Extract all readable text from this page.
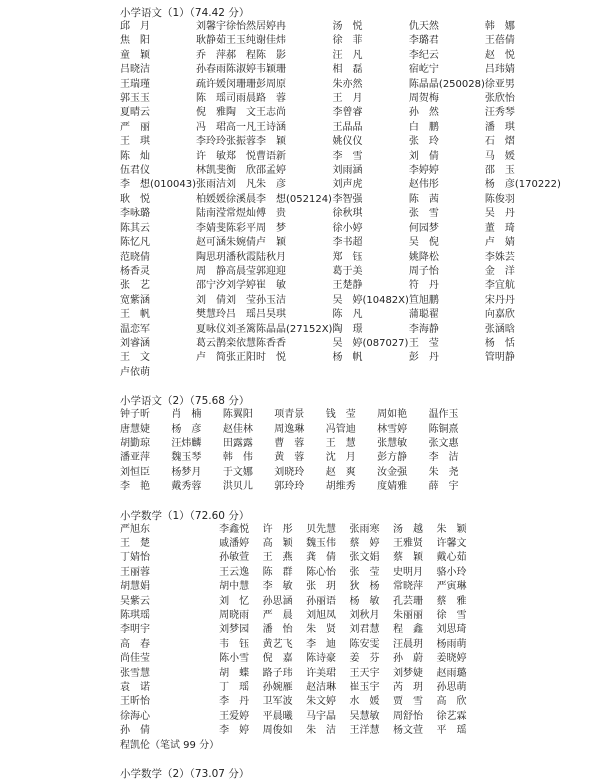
小学语文（1）（74.42 分）
邱　月	刘馨宇 徐怡然 居婷冉	汤　悦	仇天然	韩　娜
焦　阳	耿静茹 王玉纯 谢佳炜	徐　菲	李璐君	王蓓倩
童　颖	乔　萍 郝　程 陈　影	汪　凡	李纪云	赵　悦
吕晓洁	孙春雨 陈淑婷 韦颖珊	相　磊	宿屹宁	吕玮婧
王瑞瑾	疏许媛 闵珊珊 彭周原	朱亦然	陈晶晶(250028) 徐亚男
郭玉玉	陈　瑶 司雨晨 路　蓉	王　月	周贺梅	张欣怡
夏晴云	倪　雅 陶　文 王志尚	李曾睿	孙　然	汪秀琴
严　丽	冯　珺 高一凡 王诗涵	王晶晶	白　鹏	潘　琪
王　琪	李玲玲 张振蓉 李　颖	姚仪仪	张　玲	石　熠
陈　灿	许　敏 郑　悦 曹语新	李　雪	刘　倩	马　媛
伍君仪	林凯斐 衡　欣 邵孟婷	刘雨涵	李婷婷	邵　玉
李　想(010043) 张雨洁 刘　凡 朱　彦	刘声虎	赵伟彤	杨　彦(170222)
耿　悦	柏媛媛 徐溪晨 李　想(052124) 李智强	陈　茜	陈俊羽
李咏璐	陆南滢 常煜灿 傅　贵	徐秋琪	张　雪	吴　丹
陈其云	李婧斐 陈彩平 周　梦	徐小婷	何园梦	董　琦
陈忆凡	赵可涵 朱婉倩 卢　颖	李书超	吴　倪	卢　婧
范晓倩	陶思玥 潘秋霞 陆秋月	郑　钰	姚降松	李姝芸
杨香灵	周　静 高晨莹 郭迎迎	葛于美	周子怡	金　洋
张　艺	邵宁汐 刘学婷 崔　敏	王楚静	符　丹	李宜航
宽紫涵	刘　倩 刘　莹 孙玉洁	吴　婷(10482X) 笪旭鹏	宋丹丹
王　帆	樊慧玲 吕　瑶 吕昊琪	陈　凡	蒲聪翟	向嘉欣
温恋军	夏咏仪 刘圣篱 陈晶晶(27152X) 陶　璟	李海静	张涵晗
刘睿涵	葛云鹊 栾依慧 陈香香	吴　婷(087027) 王　莹	杨　恬
王　文	卢　简 张正阳 时　悦	杨　帆	彭　丹	管明静
卢依萌
小学语文（2）（75.68 分）
钟子昕	肖　楠	陈翼阳	项青景	钱　莹	周如艳	温作玉
唐慧婕	杨　彦	赵佳林	周逸琳	冯管迪	林雪婷	陈铜熹
胡勤琼	汪炜麟	田露露	曹　蓉	王　慧	张慧敏	张文惠
潘亚萍	魏玉琴	韩　伟	黄　蓉	沈　月	彭方静	李　洁
刘恒臣	杨梦月	于文娜	刘晓玲	赵　爽	汝金强	朱　尧
李　艳	戴秀蓉	洪贝儿	郭玲玲	胡维秀	度婧雅	薛　宇
小学数学（1）（72.60 分）
严旭东	李鑫悦	许　彤	贝先慧	张雨寒	汤　越	朱　颖
王　楚	戚潘婷	高　颖	魏玉伟	蔡　婷	王雅贤	许馨文
丁婧怡	孙敏萱	王　燕	龚　倩	张文娟	蔡　颖	戴心茹
王丽蓉	王云逸	陈　群	陈心怡	张　莹	史明月	骆小玲
胡慧娟	胡中慧	李　敏	张　玥	狄　杨	常晓萍	严寅琳
吴紫云	刘　忆	孙思涵	孙丽语	杨　敏	孔芸珊	蔡　雅
陈琪瑶	周晓雨	严　晨	刘旭凤	刘秋月	朱丽丽	徐　雪
李明宇	刘梦园	潘　怡	朱　贤	刘君慧	程　鑫	刘思琦
高　春	韦　钰	黄艺飞	李　迪	陈安雯	汪晨玥	杨雨萌
尚佳莹	陈小雪	倪　嘉	陈诗豪	姜　芬	孙　蔚	姜晓婷
张雪慧	胡　蝶	路子玮	许美珺	王天宇	刘梦婕	赵雨璐
袁　诺	丁　瑶	孙婉雁	赵洁琳	崔玉宇	芮　玥	孙思萌
王昕怡	李　丹	卫军波	朱文婷	水　媛	贾　雪	高　欣
徐海心	王爱婷	平晨曦	马宇晶	吴慧敏	周舒怡	徐艺霖
孙　倩	李　婷	周俊如	朱　洁	王洋慧	杨文萱	平　瑶
程凯伦（笔试 99 分）
小学数学（2）（73.07 分）
